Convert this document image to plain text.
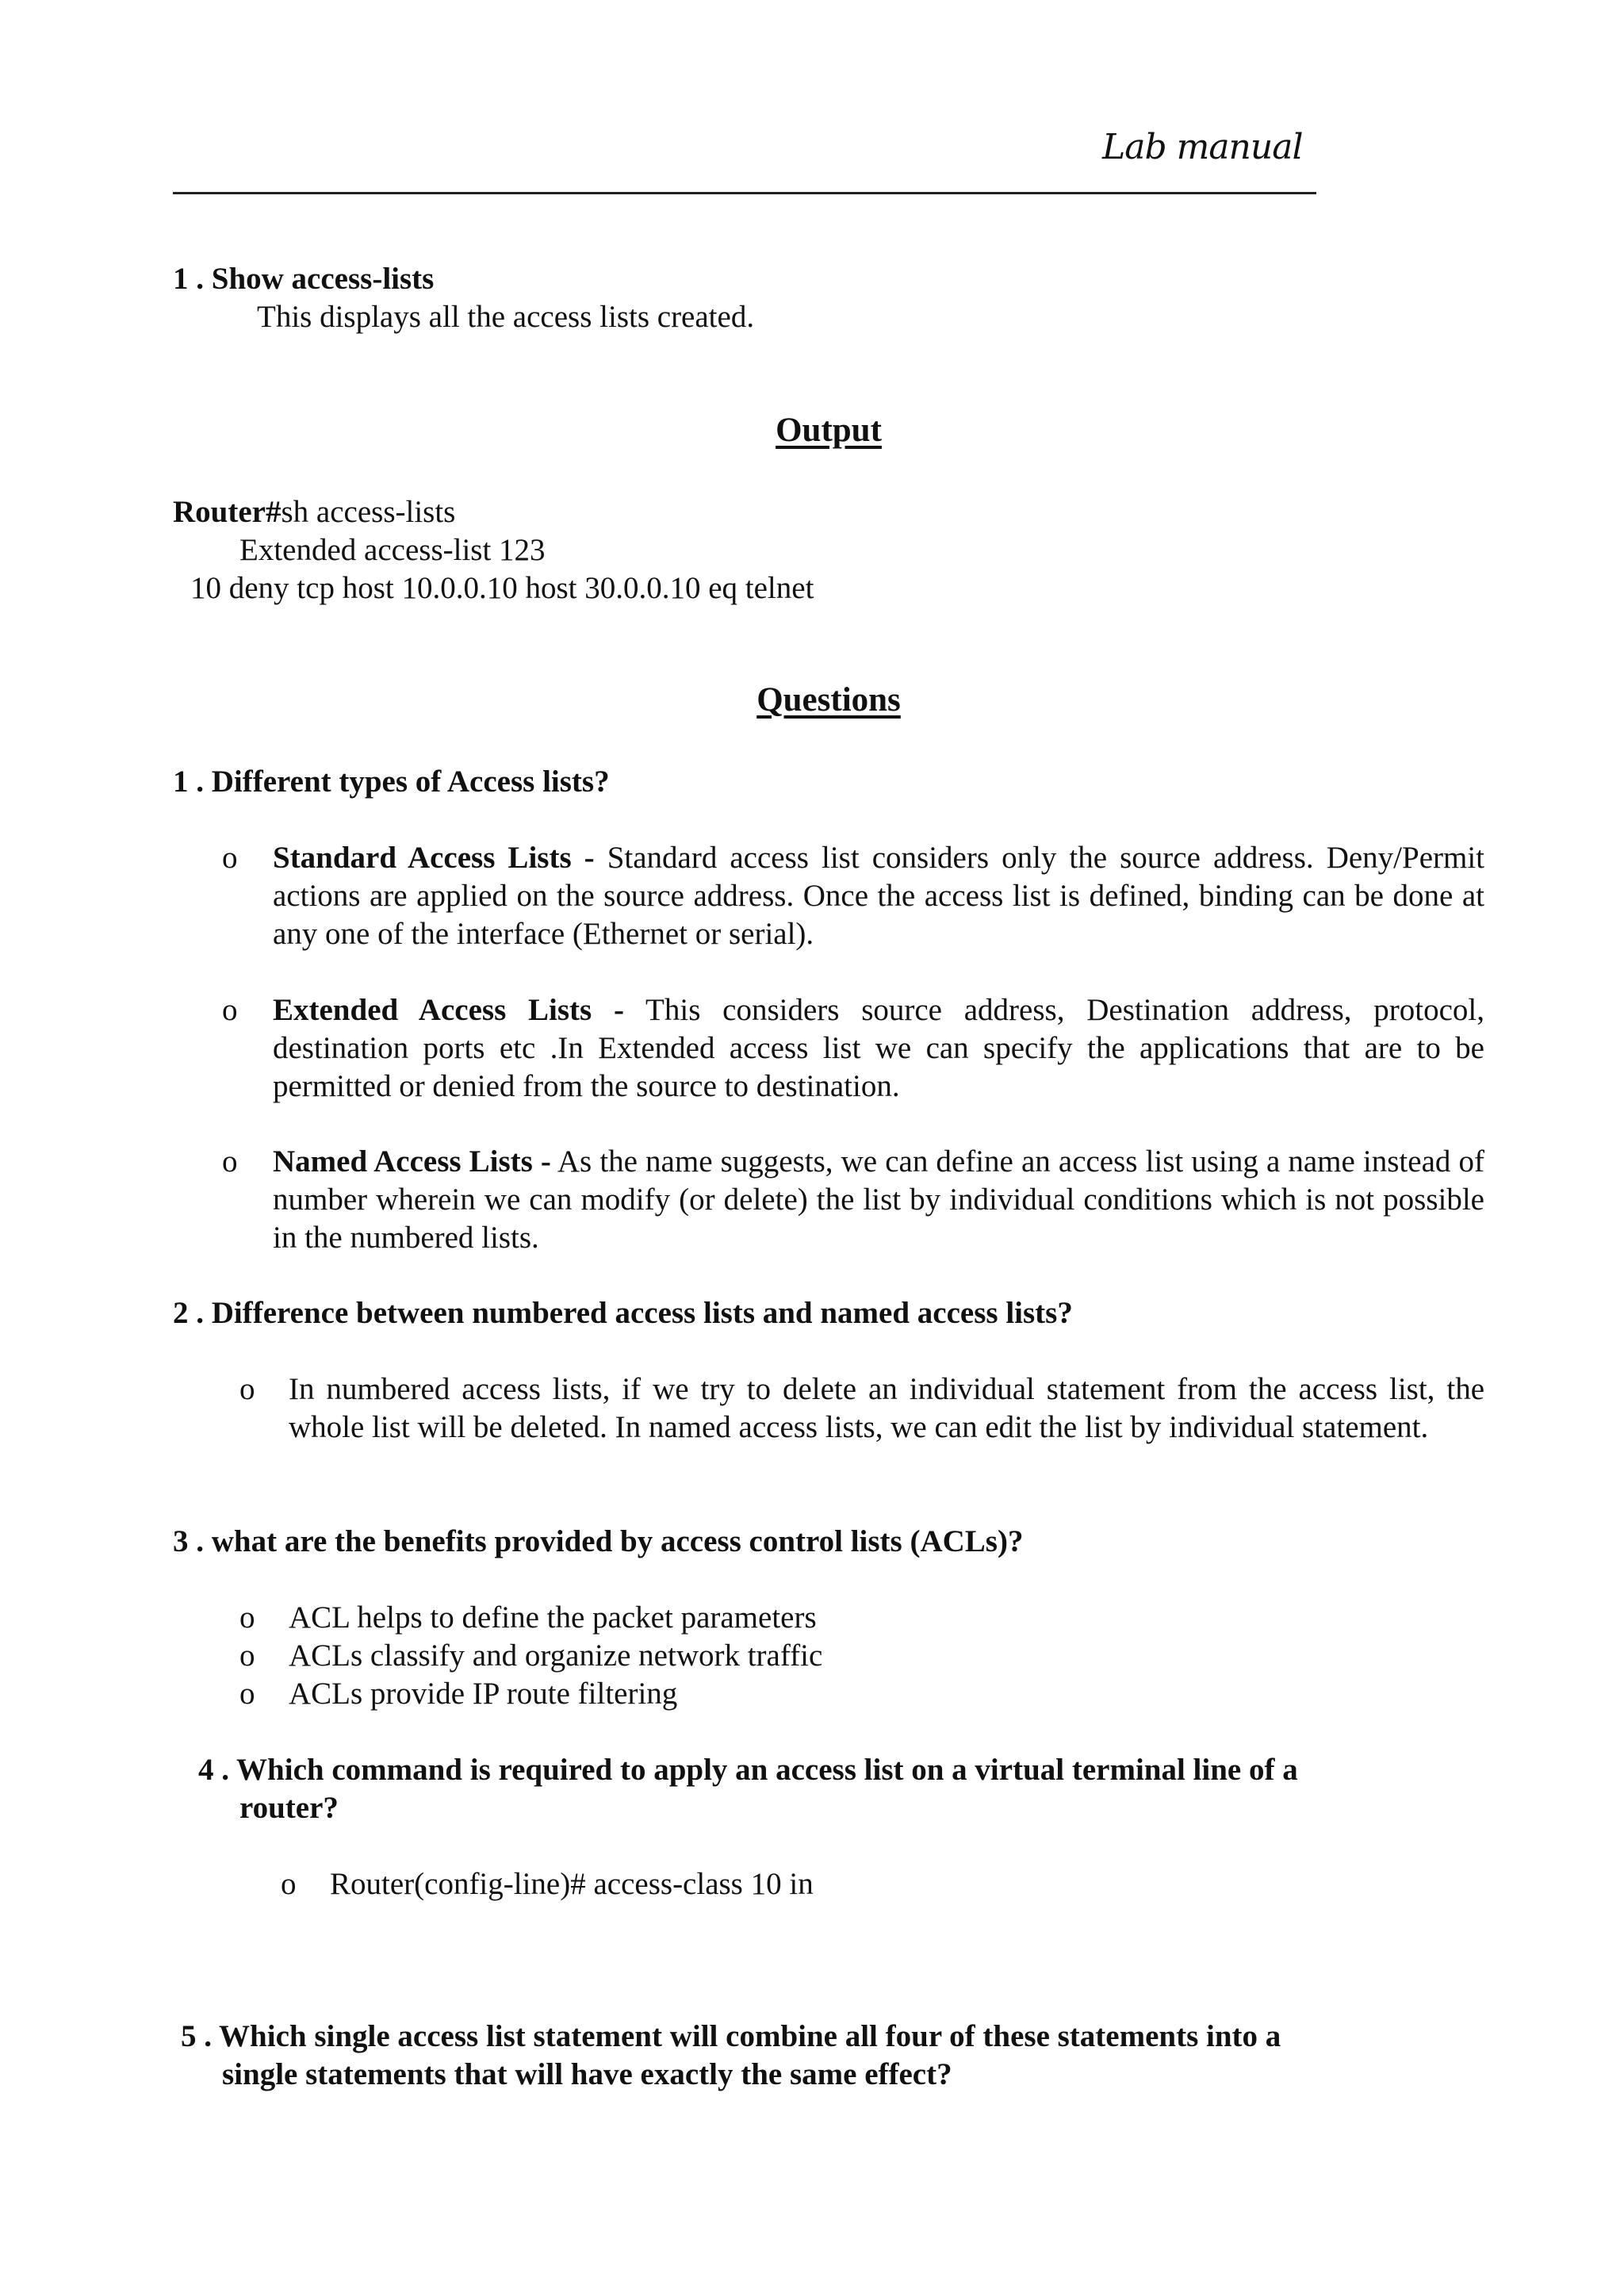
Lab manual
1 . Show access-lists
This displays all the access lists created.
Output
Router#sh access-lists
Extended access-list 123
10 deny tcp host 10.0.0.10 host 30.0.0.10 eq telnet
Questions
1 . Different types of Access lists?
o Standard Access Lists - Standard access list considers only the source address. Deny/Permit actions are applied on the source address. Once the access list is defined, binding can be done at any one of the interface (Ethernet or serial).
o Extended Access Lists - This considers source address, Destination address, protocol, destination ports etc .In Extended access list we can specify the applications that are to be permitted or denied from the source to destination.
o Named Access Lists - As the name suggests, we can define an access list using a name instead of number wherein we can modify (or delete) the list by individual conditions which is not possible in the numbered lists.
2 . Difference between numbered access lists and named access lists?
o In numbered access lists, if we try to delete an individual statement from the access list, the whole list will be deleted. In named access lists, we can edit the list by individual statement.
3 . what are the benefits provided by access control lists (ACLs)?
o ACL helps to define the packet parameters
o ACLs classify and organize network traffic
o ACLs provide IP route filtering
4 . Which command is required to apply an access list on a virtual terminal line of a
router?
o Router(config-line)# access-class 10 in
5 . Which single access list statement will combine all four of these statements into a
single statements that will have exactly the same effect?
